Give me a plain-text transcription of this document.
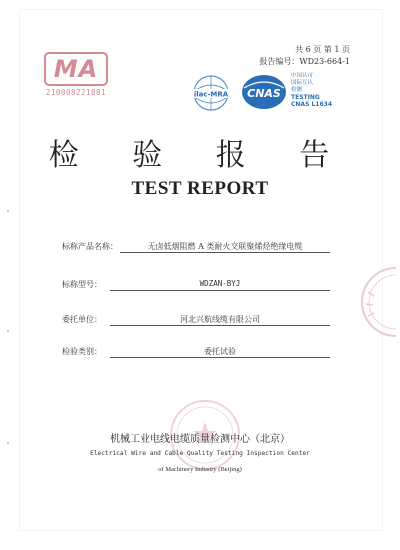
共 6 页 第 1 页
报告编号：WD23-664-1
MA
210008221881	ilac-MRA CNAS
中国认可
国际互认
检测
TESTING
CNAS L1634
检 验 报 告
TEST REPORT
标称产品名称：	无卤低烟阻燃 A 类耐火交联聚烯烃绝缘电缆
标称型号：	WDZAN-BYJ
委托单位：	河北兴航线缆有限公司
检验类别：	委托试验
机械工业电线电缆质量检测中心（北京）
Electrical Wire and Cable Quality Testing Inspection Center
of Machinery Industry (Beijing)
